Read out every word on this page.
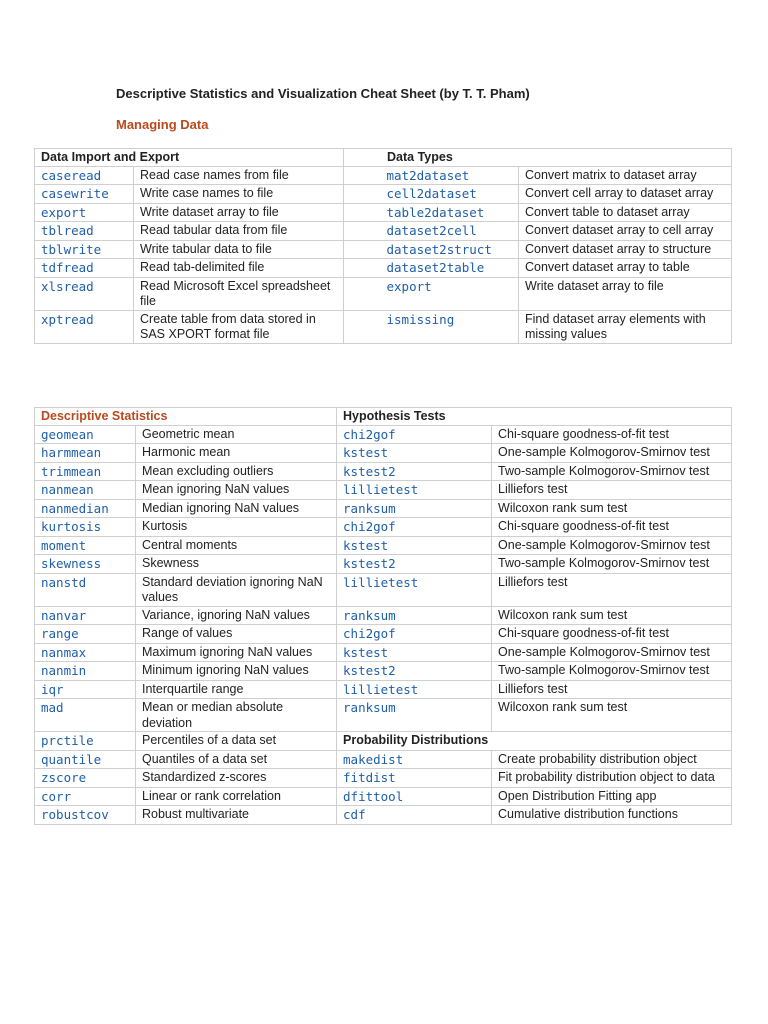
Descriptive Statistics and Visualization Cheat Sheet (by T. T. Pham)
Managing Data
Data Import and Export		Data Types		
caseread	Read case names from file		mat2dataset	Convert matrix to dataset array
casewrite	Write case names to file		cell2dataset	Convert cell array to dataset array
export	Write dataset array to file		table2dataset	Convert table to dataset array
tblread	Read tabular data from file		dataset2cell	Convert dataset array to cell array
tblwrite	Write tabular data to file		dataset2struct	Convert dataset array to structure
tdfread	Read tab-delimited file		dataset2table	Convert dataset array to table
xlsread	Read Microsoft Excel spreadsheet file		export	Write dataset array to file
xptread	Create table from data stored in SAS XPORT format file		ismissing	Find dataset array elements with missing values
Descriptive Statistics		Hypothesis Tests	
geomean	Geometric mean	chi2gof	Chi-square goodness-of-fit test
harmmean	Harmonic mean	kstest	One-sample Kolmogorov-Smirnov test
trimmean	Mean excluding outliers	kstest2	Two-sample Kolmogorov-Smirnov test
nanmean	Mean ignoring NaN values	lillietest	Lilliefors test
nanmedian	Median ignoring NaN values	ranksum	Wilcoxon rank sum test
kurtosis	Kurtosis	chi2gof	Chi-square goodness-of-fit test
moment	Central moments	kstest	One-sample Kolmogorov-Smirnov test
skewness	Skewness	kstest2	Two-sample Kolmogorov-Smirnov test
nanstd	Standard deviation ignoring NaN values	lillietest	Lilliefors test
nanvar	Variance, ignoring NaN values	ranksum	Wilcoxon rank sum test
range	Range of values	chi2gof	Chi-square goodness-of-fit test
nanmax	Maximum ignoring NaN values	kstest	One-sample Kolmogorov-Smirnov test
nanmin	Minimum ignoring NaN values	kstest2	Two-sample Kolmogorov-Smirnov test
iqr	Interquartile range	lillietest	Lilliefors test
mad	Mean or median absolute deviation	ranksum	Wilcoxon rank sum test
prctile	Percentiles of a data set	Probability Distributions	
quantile	Quantiles of a data set	makedist	Create probability distribution object
zscore	Standardized z-scores	fitdist	Fit probability distribution object to data
corr	Linear or rank correlation	dfittool	Open Distribution Fitting app
robustcov	Robust multivariate	cdf	Cumulative distribution functions
